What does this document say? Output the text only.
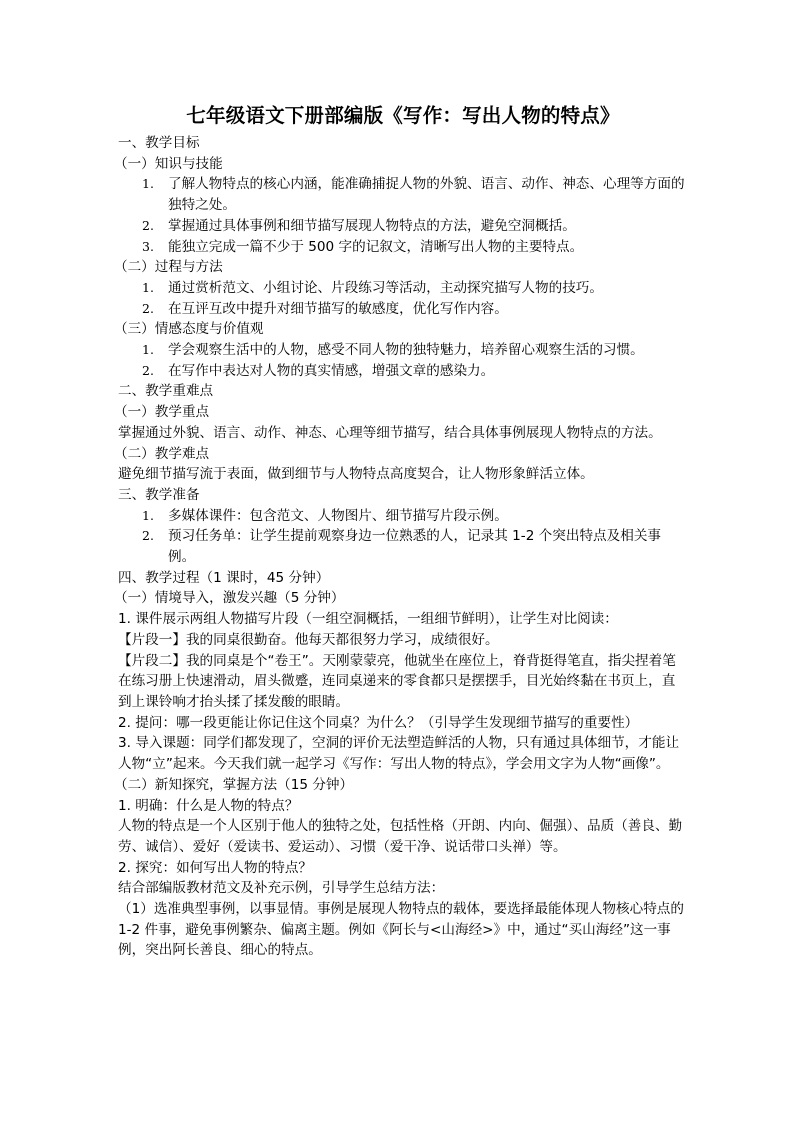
七年级语文下册部编版《写作：写出人物的特点》
一、教学目标
（一）知识与技能
1. 了解人物特点的核心内涵，能准确捕捉人物的外貌、语言、动作、神态、心理等方面的独特之处。
2. 掌握通过具体事例和细节描写展现人物特点的方法，避免空洞概括。
3. 能独立完成一篇不少于 500 字的记叙文，清晰写出人物的主要特点。
（二）过程与方法
1. 通过赏析范文、小组讨论、片段练习等活动，主动探究描写人物的技巧。
2. 在互评互改中提升对细节描写的敏感度，优化写作内容。
（三）情感态度与价值观
1. 学会观察生活中的人物，感受不同人物的独特魅力，培养留心观察生活的习惯。
2. 在写作中表达对人物的真实情感，增强文章的感染力。
二、教学重难点
（一）教学重点
掌握通过外貌、语言、动作、神态、心理等细节描写，结合具体事例展现人物特点的方法。
（二）教学难点
避免细节描写流于表面，做到细节与人物特点高度契合，让人物形象鲜活立体。
三、教学准备
1. 多媒体课件：包含范文、人物图片、细节描写片段示例。
2. 预习任务单：让学生提前观察身边一位熟悉的人，记录其 1-2 个突出特点及相关事例。
四、教学过程（1 课时，45 分钟）
（一）情境导入，激发兴趣（5 分钟）
1. 课件展示两组人物描写片段（一组空洞概括，一组细节鲜明），让学生对比阅读：
【片段一】我的同桌很勤奋。他每天都很努力学习，成绩很好。
【片段二】我的同桌是个“卷王”。天刚蒙蒙亮，他就坐在座位上，脊背挺得笔直，指尖捏着笔在练习册上快速滑动，眉头微蹙，连同桌递来的零食都只是摆摆手，目光始终黏在书页上，直到上课铃响才抬头揉了揉发酸的眼睛。
2. 提问：哪一段更能让你记住这个同桌？为什么？（引导学生发现细节描写的重要性）
3. 导入课题：同学们都发现了，空洞的评价无法塑造鲜活的人物，只有通过具体细节，才能让人物“立”起来。今天我们就一起学习《写作：写出人物的特点》，学会用文字为人物“画像”。
（二）新知探究，掌握方法（15 分钟）
1. 明确：什么是人物的特点？
人物的特点是一个人区别于他人的独特之处，包括性格（开朗、内向、倔强）、品质（善良、勤劳、诚信）、爱好（爱读书、爱运动）、习惯（爱干净、说话带口头禅）等。
2. 探究：如何写出人物的特点？
结合部编版教材范文及补充示例，引导学生总结方法：
（1）选准典型事例，以事显情。事例是展现人物特点的载体，要选择最能体现人物核心特点的 1-2 件事，避免事例繁杂、偏离主题。例如《阿长与<山海经>》中，通过“买山海经”这一事例，突出阿长善良、细心的特点。
